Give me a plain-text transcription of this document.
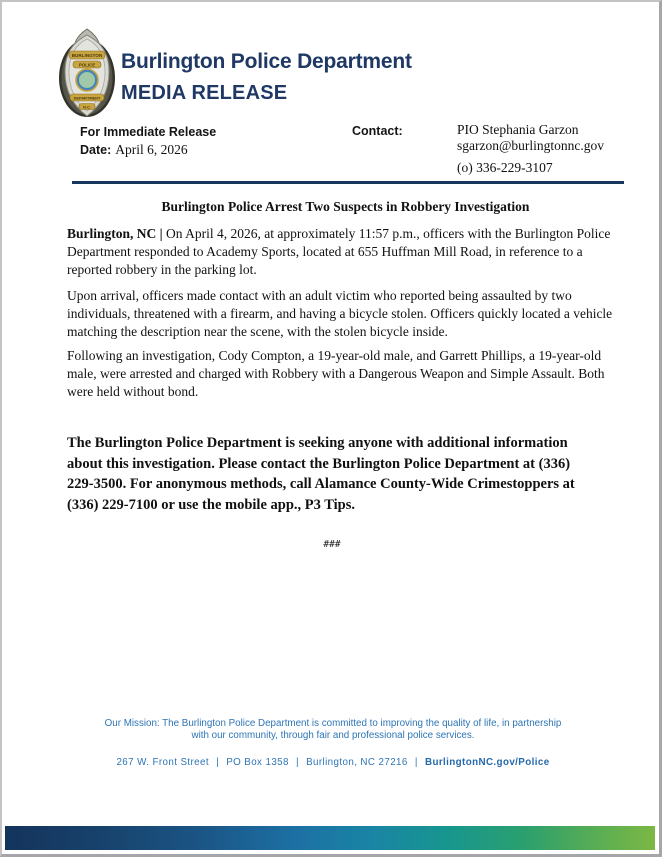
BURLINGTON
POLICE
DEPARTMENT
N.C.
Burlington Police Department
MEDIA RELEASE
For Immediate Release
Date: April 6, 2026
Contact:	PIO Stephania Garzon
sgarzon@burlingtonnc.gov
(o) 336-229-3107
Burlington Police Arrest Two Suspects in Robbery Investigation
Burlington, NC | On April 4, 2026, at approximately 11:57 p.m., officers with the Burlington Police Department responded to Academy Sports, located at 655 Huffman Mill Road, in reference to a reported robbery in the parking lot.
Upon arrival, officers made contact with an adult victim who reported being assaulted by two individuals, threatened with a firearm, and having a bicycle stolen. Officers quickly located a vehicle matching the description near the scene, with the stolen bicycle inside.
Following an investigation, Cody Compton, a 19-year-old male, and Garrett Phillips, a 19-year-old male, were arrested and charged with Robbery with a Dangerous Weapon and Simple Assault. Both were held without bond.
The Burlington Police Department is seeking anyone with additional information about this investigation. Please contact the Burlington Police Department at (336) 229-3500. For anonymous methods, call Alamance County-Wide Crimestoppers at (336) 229-7100 or use the mobile app., P3 Tips.
###
Our Mission: The Burlington Police Department is committed to improving the quality of life, in partnership with our community, through fair and professional police services.
267 W. Front Street | PO Box 1358 | Burlington, NC 27216 | BurlingtonNC.gov/Police
